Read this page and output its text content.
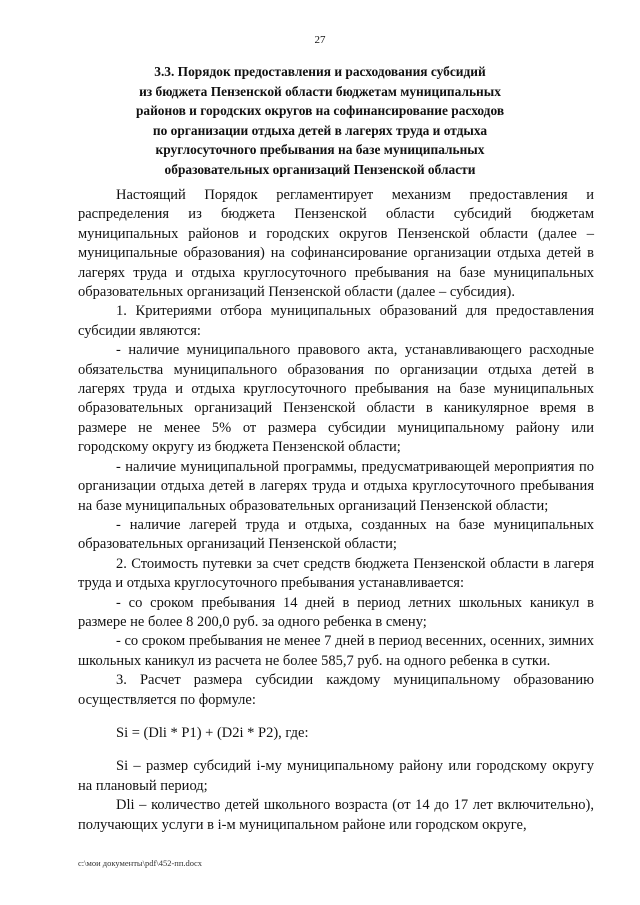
27
3.3. Порядок предоставления и расходования субсидий
из бюджета Пензенской области бюджетам муниципальных
районов и городских округов на софинансирование расходов
по организации отдыха детей в лагерях труда и отдыха
круглосуточного пребывания на базе муниципальных
образовательных организаций Пензенской области

Настоящий Порядок регламентирует механизм предоставления и распределения из бюджета Пензенской области субсидий бюджетам муниципальных районов и городских округов Пензенской области (далее – муниципальные образования) на софинансирование организации отдыха детей в лагерях труда и отдыха круглосуточного пребывания на базе муниципальных образовательных организаций Пензенской области (далее – субсидия).

1. Критериями отбора муниципальных образований для предоставления субсидии являются:

- наличие муниципального правового акта, устанавливающего расходные обязательства муниципального образования по организации отдыха детей в лагерях труда и отдыха круглосуточного пребывания на базе муниципальных образовательных организаций Пензенской области в каникулярное время в размере не менее 5% от размера субсидии муниципальному району или городскому округу из бюджета Пензенской области;

- наличие муниципальной программы, предусматривающей мероприятия по организации отдыха детей в лагерях труда и отдыха круглосуточного пребывания на базе муниципальных образовательных организаций Пензенской области;

- наличие лагерей труда и отдыха, созданных на базе муниципальных образовательных организаций Пензенской области;

2. Стоимость путевки за счет средств бюджета Пензенской области в лагеря труда и отдыха круглосуточного пребывания устанавливается:

- со сроком пребывания 14 дней в период летних школьных каникул в размере не более 8 200,0 руб. за одного ребенка в смену;

- со сроком пребывания не менее 7 дней в период весенних, осенних, зимних школьных каникул из расчета не более 585,7 руб. на одного ребенка в сутки.

3. Расчет размера субсидии каждому муниципальному образованию осуществляется по формуле:

Si = (Dli * P1) + (D2i * P2), где:

Si – размер субсидий i-му муниципальному району или городскому округу на плановый период;

Dli – количество детей школьного возраста (от 14 до 17 лет включительно), получающих услуги в i-м муниципальном районе или городском округе,

c:\мои документы\pdf\452-пп.docx
